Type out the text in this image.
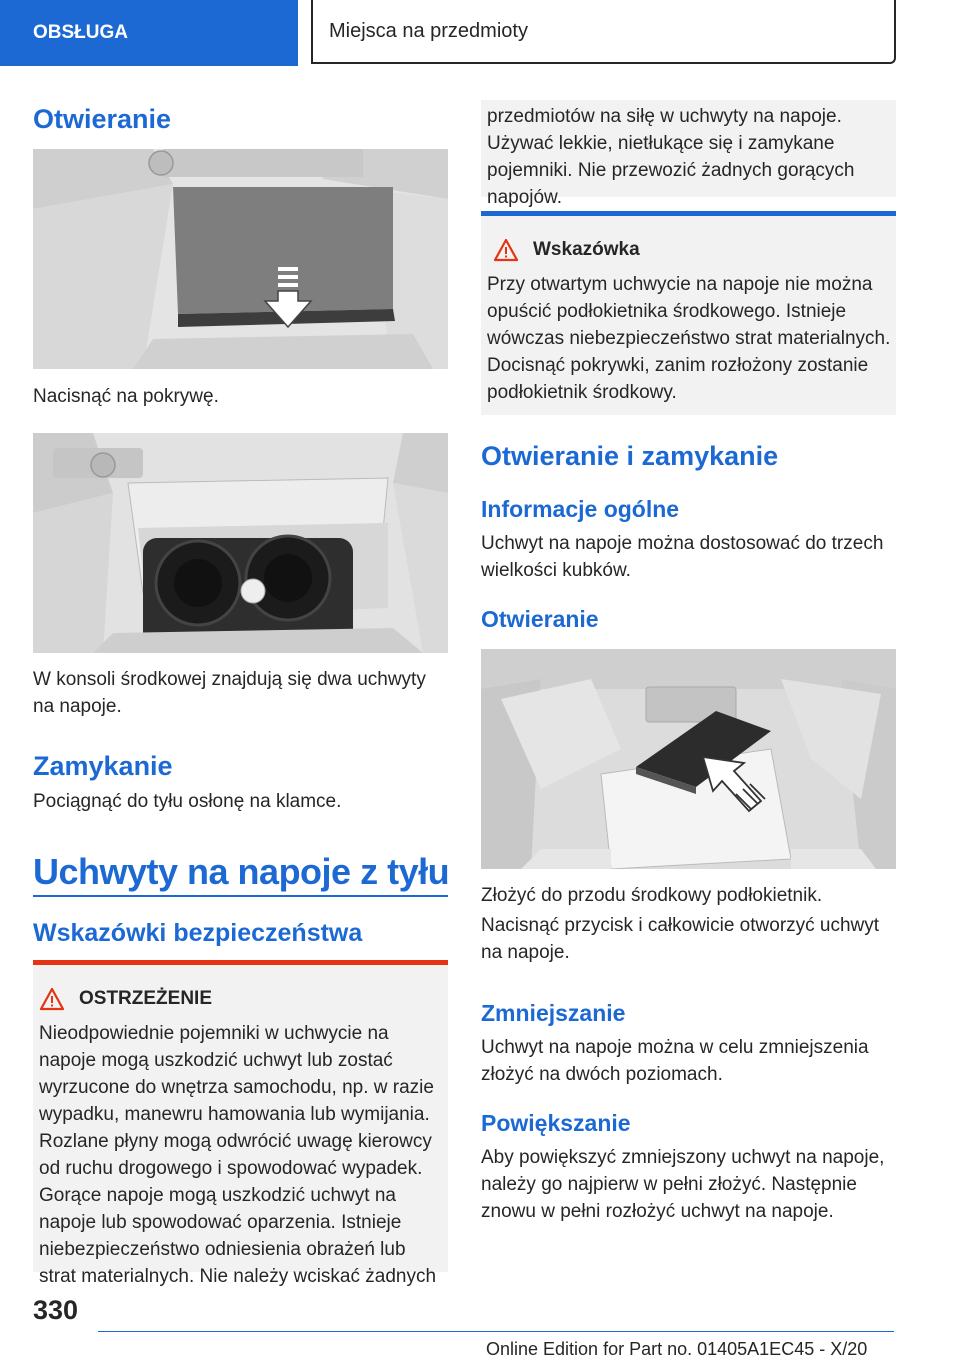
OBSŁUGA	Miejsca na przedmioty
Otwieranie

Nacisnąć na pokrywę.

W konsoli środkowej znajdują się dwa uchwyty na napoje.

Zamykanie

Pociągnąć do tyłu osłonę na klamce.

Uchwyty na napoje z tyłu
Wskazówki bezpieczeństwa
OSTRZEŻENIE

Nieodpowiednie pojemniki w uchwycie na napoje mogą uszkodzić uchwyt lub zostać wyrzucone do wnętrza samochodu, np. w razie wypadku, manewru hamowania lub wymijania. Rozlane płyny mogą odwrócić uwagę kierowcy od ruchu drogowego i spowodować wypadek. Gorące napoje mogą uszkodzić uchwyt na napoje lub spowodować oparzenia. Istnieje niebezpieczeństwo odniesienia obrażeń lub strat materialnych. Nie należy wciskać żadnych

przedmiotów na siłę w uchwyty na napoje. Używać lekkie, nietłukące się i zamykane pojemniki. Nie przewozić żadnych gorących napojów.

Wskazówka

Przy otwartym uchwycie na napoje nie można opuścić podłokietnika środkowego. Istnieje wówczas niebezpieczeństwo strat materialnych. Docisnąć pokrywki, zanim rozłożony zostanie podłokietnik środkowy.

Otwieranie i zamykanie
Informacje ogólne

Uchwyt na napoje można dostosować do trzech wielkości kubków.

Otwieranie

Złożyć do przodu środkowy podłokietnik.

Nacisnąć przycisk i całkowicie otworzyć uchwyt na napoje.

Zmniejszanie

Uchwyt na napoje można w celu zmniejszenia złożyć na dwóch poziomach.

Powiększanie

Aby powiększyć zmniejszony uchwyt na napoje, należy go najpierw w pełni złożyć. Następnie znowu w pełni rozłożyć uchwyt na napoje.

330
Online Edition for Part no. 01405A1EC45 - X/20
